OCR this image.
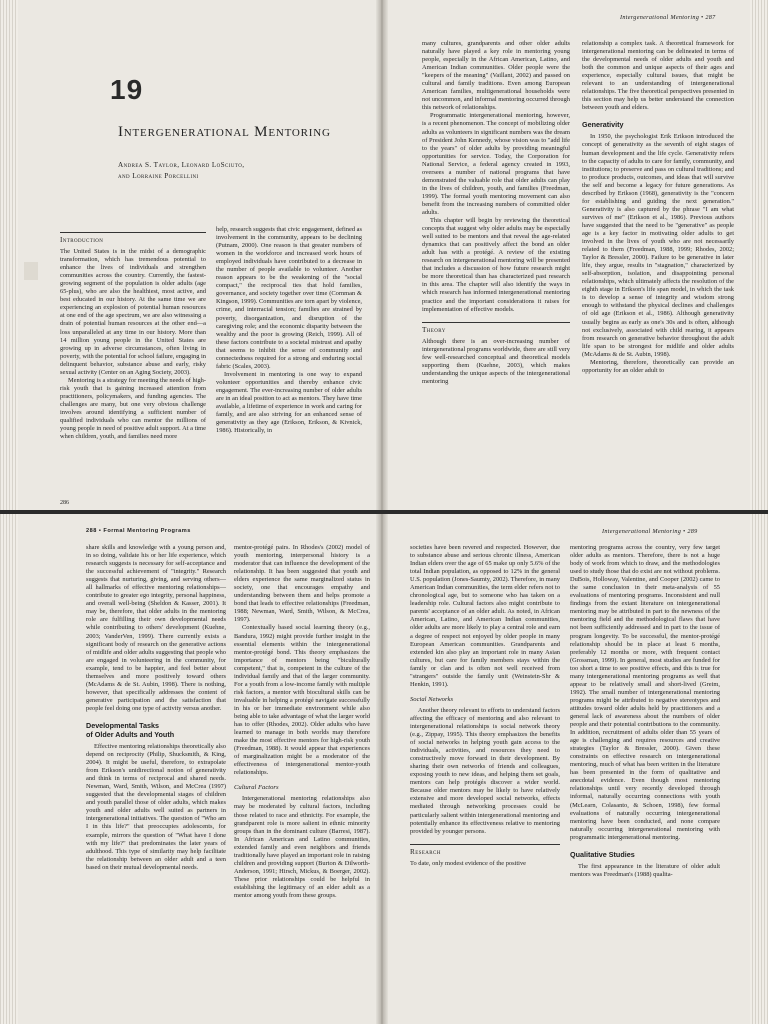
19
Intergenerational Mentoring
Andrea S. Taylor, Leonard LoSciuto,
and Lorraine Porcellini
Introduction

The United States is in the midst of a demographic transformation, which has tremendous potential to enhance the lives of individuals and strengthen communities across the country. Currently, the fastest-growing segment of the population is older adults (age 65-plus), who are also the healthiest, most active, and best educated in our history. At the same time we are experiencing an explosion of potential human resources at one end of the age spectrum, we are also witnessing a drain of potential human resources at the other end—a loss unparalleled at any time in our history. More than 14 million young people in the United States are growing up in adverse circumstances, often living in poverty, with the potential for school failure, engaging in delinquent behavior, substance abuse and early, risky sexual activity (Center on an Aging Society, 2003).

Mentoring is a strategy for meeting the needs of high-risk youth that is gaining increased attention from practitioners, policymakers, and funding agencies. The challenges are many, but one very obvious challenge involves around identifying a sufficient number of qualified individuals who can mentor the millions of young people in need of positive adult support. At a time when children, youth, and families need more

help, research suggests that civic engagement, defined as involvement in the community, appears to be declining (Putnam, 2000). One reason is that greater numbers of women in the workforce and increased work hours of employed individuals have contributed to a decrease in the number of people available to volunteer. Another reason appears to be the weakening of the "social compact," the reciprocal ties that hold families, governance, and society together over time (Cornman & Kingson, 1999). Communities are torn apart by violence, crime, and interracial tension; families are strained by poverty, disorganization, and disruption of the caregiving role; and the economic disparity between the wealthy and the poor is growing (Reich, 1999). All of these factors contribute to a societal mistrust and apathy that seems to inhibit the sense of community and connectedness required for a strong and enduring social fabric (Scales, 2003).

Involvement in mentoring is one way to expand volunteer opportunities and thereby enhance civic engagement. The ever-increasing number of older adults are in an ideal position to act as mentors. They have time available, a lifetime of experience in work and caring for family, and are also striving for an enhanced sense of generativity as they age (Erikson, Erikson, & Kivnick, 1986). Historically, in

286
Intergenerational Mentoring • 287

many cultures, grandparents and other older adults naturally have played a key role in mentoring young people, especially in the African American, Latino, and American Indian communities. Older people were the "keepers of the meaning" (Vaillant, 2002) and passed on cultural and family traditions. Even among European American families, multigenerational households were not uncommon, and informal mentoring occurred through this network of relationships.

Programmatic intergenerational mentoring, however, is a recent phenomenon. The concept of mobilizing older adults as volunteers in significant numbers was the dream of President John Kennedy, whose vision was to "add life to the years" of older adults by providing meaningful opportunities for service. Today, the Corporation for National Service, a federal agency created in 1993, oversees a number of national programs that have demonstrated the valuable role that older adults can play in the lives of children, youth, and families (Freedman, 1999). The formal youth mentoring movement can also benefit from the increasing numbers of committed older adults.

This chapter will begin by reviewing the theoretical concepts that suggest why older adults may be especially well suited to be mentors and that reveal the age-related dynamics that can positively affect the bond an older adult has with a protégé. A review of the existing research on intergenerational mentoring will be presented that includes a discussion of how future research might be more theoretical than has characterized past research in this area. The chapter will also identify the ways in which research has informed intergenerational mentoring practice and the important considerations it raises for implementation of effective models.

Theory

Although there is an over-increasing number of intergenerational programs worldwide, there are still very few well-researched conceptual and theoretical models supporting them (Kuehne, 2003), which makes understanding the unique aspects of the intergenerational mentoring

relationship a complex task. A theoretical framework for intergenerational mentoring can be delineated in terms of the developmental needs of older adults and youth and both the common and unique aspects of their ages and experience, especially cultural issues, that might be relevant to an understanding of intergenerational relationships. The five theoretical perspectives presented in this section may help us better understand the connection between youth and elders.

Generativity

In 1950, the psychologist Erik Erikson introduced the concept of generativity as the seventh of eight stages of human development and the life cycle. Generativity refers to the capacity of adults to care for family, community, and institutions; to preserve and pass on cultural traditions; and to produce products, outcomes, and ideas that will survive the self and become a legacy for future generations. As described by Erikson (1968), generativity is the "concern for establishing and guiding the next generation." Generativity is also captured by the phrase "I am what survives of me" (Erikson et al., 1986). Previous authors have suggested that the need to be "generative" as people age is a key factor in motivating older adults to get involved in the lives of youth who are not necessarily related to them (Freedman, 1988, 1999; Rhodes, 2002; Taylor & Bressler, 2000). Failure to be generative in later life, they argue, results in "stagnation," characterized by self-absorption, isolation, and disappointing personal relationships, which ultimately affects the resolution of the eighth stage in Erikson's life span model, in which the task is to develop a sense of integrity and wisdom strong enough to withstand the physical declines and challenges of old age (Erikson et al., 1986). Although generativity usually begins as early as one's 30s and is often, although not exclusively, associated with child rearing, it appears from research on generative behavior throughout the adult life span to be strongest for midlife and older adults (McAdams & de St. Aubin, 1998).

Mentoring, therefore, theoretically can provide an opportunity for an older adult to

288 • Formal Mentoring Programs

share skills and knowledge with a young person and, in so doing, validate his or her life experience, which research suggests is necessary for self-acceptance and the successful achievement of "integrity." Research suggests that nurturing, giving, and serving others—all hallmarks of effective mentoring relationships—contribute to greater ego integrity, personal happiness, and overall well-being (Sheldon & Kasser, 2001). It may be, therefore, that older adults in the mentoring role are fulfilling their own developmental needs while contributing to others' development (Kuehne, 2003; VanderVen, 1999). There currently exists a significant body of research on the generative actions of midlife and older adults suggesting that people who are engaged in volunteering in the community, for example, tend to be happier, and feel better about themselves and more positively toward others (McAdams & de St. Aubin, 1998). There is nothing, however, that specifically addresses the content of generative participation and the satisfaction that people feel doing one type of activity versus another.

Developmental Tasks
of Older Adults and Youth

Effective mentoring relationships theoretically also depend on reciprocity (Philip, Shucksmith, & King, 2004). It might be useful, therefore, to extrapolate from Erikson's unidirectional notion of generativity and think in terms of reciprocal and shared needs. Newman, Ward, Smith, Wilson, and McCrea (1997) suggested that the developmental stages of children and youth parallel those of older adults, which makes youth and older adults well suited as partners in intergenerational initiatives. The question of "Who am I in this life?" that preoccupies adolescents, for example, mirrors the question of "What have I done with my life?" that predominates the later years of adulthood. This type of similarity may help facilitate the relationship between an older adult and a teen based on their mutual developmental needs.

mentor-protégé pairs. In Rhodes's (2002) model of youth mentoring, interpersonal history is a moderator that can influence the development of the relationship. It has been suggested that youth and elders experience the same marginalized status in society, one that encourages empathy and understanding between them and helps promote a bond that leads to effective relationships (Freedman, 1988; Newman, Ward, Smith, Wilson, & McCrea, 1997).

Contextually based social learning theory (e.g., Bandura, 1992) might provide further insight in the essential elements within the intergenerational mentor-protégé bond. This theory emphasizes the importance of mentors being "biculturally competent," that is, competent in the culture of the individual family and that of the larger community. For a youth from a low-income family with multiple risk factors, a mentor with biocultural skills can be invaluable in helping a protégé navigate successfully in his or her immediate environment while also being able to take advantage of what the larger world has to offer (Rhodes, 2002). Older adults who have learned to manage in both worlds may therefore make the most effective mentors for high-risk youth (Freedman, 1988). It would appear that experiences of marginalization might be a moderator of the effectiveness of intergenerational mentor-youth relationships.

Cultural Factors

Intergenerational mentoring relationships also may be moderated by cultural factors, including those related to race and ethnicity. For example, the grandparent role is more salient in ethnic minority groups than in the dominant culture (Barresi, 1987). In African American and Latino communities, extended family and even neighbors and friends traditionally have played an important role in raising children and providing support (Burton & Dilworth-Anderson, 1991; Hirsch, Mickus, & Boerger, 2002). These prior relationships could be helpful in establishing the legitimacy of an elder adult as a mentor among youth from these groups.

Intergenerational Mentoring • 289

societies have been revered and respected. However, due to substance abuse and serious chronic illness, American Indian elders over the age of 65 make up only 5.6% of the total Indian population, as opposed to 12% in the general U.S. population (Jones-Saumty, 2002). Therefore, in many American Indian communities, the term elder refers not to chronological age, but to someone who has taken on a leadership role. Cultural factors also might contribute to parents' acceptance of an older adult. As noted, in African American, Latino, and American Indian communities, older adults are more likely to play a central role and earn a degree of respect not enjoyed by older people in many European American communities. Grandparents and extended kin also play an important role in many Asian cultures, but care for family members stays within the family or clan and is often not well received from "strangers" outside the family unit (Weinstein-Shr & Henkin, 1991).

Social Networks

Another theory relevant to efforts to understand factors affecting the efficacy of mentoring and also relevant to intergenerational relationships is social network theory (e.g., Zippay, 1995). This theory emphasizes the benefits of social networks in helping youth gain access to the individuals, activities, and resources they need to constructively move forward in their development. By sharing their own networks of friends and colleagues, exposing youth to new ideas, and helping them set goals, mentors can help protégés discover a wider world. Because older mentors may be likely to have relatively extensive and more developed social networks, effects mediated through networking processes could be particularly salient within intergenerational mentoring and potentially enhance its effectiveness relative to mentoring provided by younger persons.

Research

To date, only modest evidence of the positive

mentoring programs across the country, very few target older adults as mentors. Therefore, there is not a huge body of work from which to draw, and the methodologies used to study those that do exist are not without problems. DuBois, Holloway, Valentine, and Cooper (2002) came to the same conclusion in their meta-analysis of 55 evaluations of mentoring programs. Inconsistent and null findings from the extant literature on intergenerational mentoring may be attributed in part to the newness of the mentoring field and the methodological flaws that have not been sufficiently addressed and in part to the issue of program longevity. To be successful, the mentor-protégé relationship should be in place at least 6 months, preferably 12 months or more, with frequent contact (Grossman, 1999). In general, most studies are funded for too short a time to see positive effects, and this is true for many intergenerational mentoring programs as well that appear to be relatively small and short-lived (Greim, 1992). The small number of intergenerational mentoring programs might be attributed to negative stereotypes and attitudes toward older adults held by practitioners and a general lack of awareness about the numbers of older people and their potential contributions to the community. In addition, recruitment of adults older than 55 years of age is challenging and requires resources and creative strategies (Taylor & Bressler, 2000). Given these constraints on effective research on intergenerational mentoring, much of what has been written in the literature has been presented in the form of qualitative and anecdotal evidence. Even though most mentoring relationships until very recently developed through informal, naturally occurring connections with youth (McLearn, Colasanto, & Schoen, 1998), few formal evaluations of naturally occurring intergenerational mentoring have been conducted, and none compare naturally occurring intergenerational mentoring with programmatic intergenerational mentoring.

Qualitative Studies

The first appearance in the literature of older adult mentors was Freedman's (1988) qualita-
